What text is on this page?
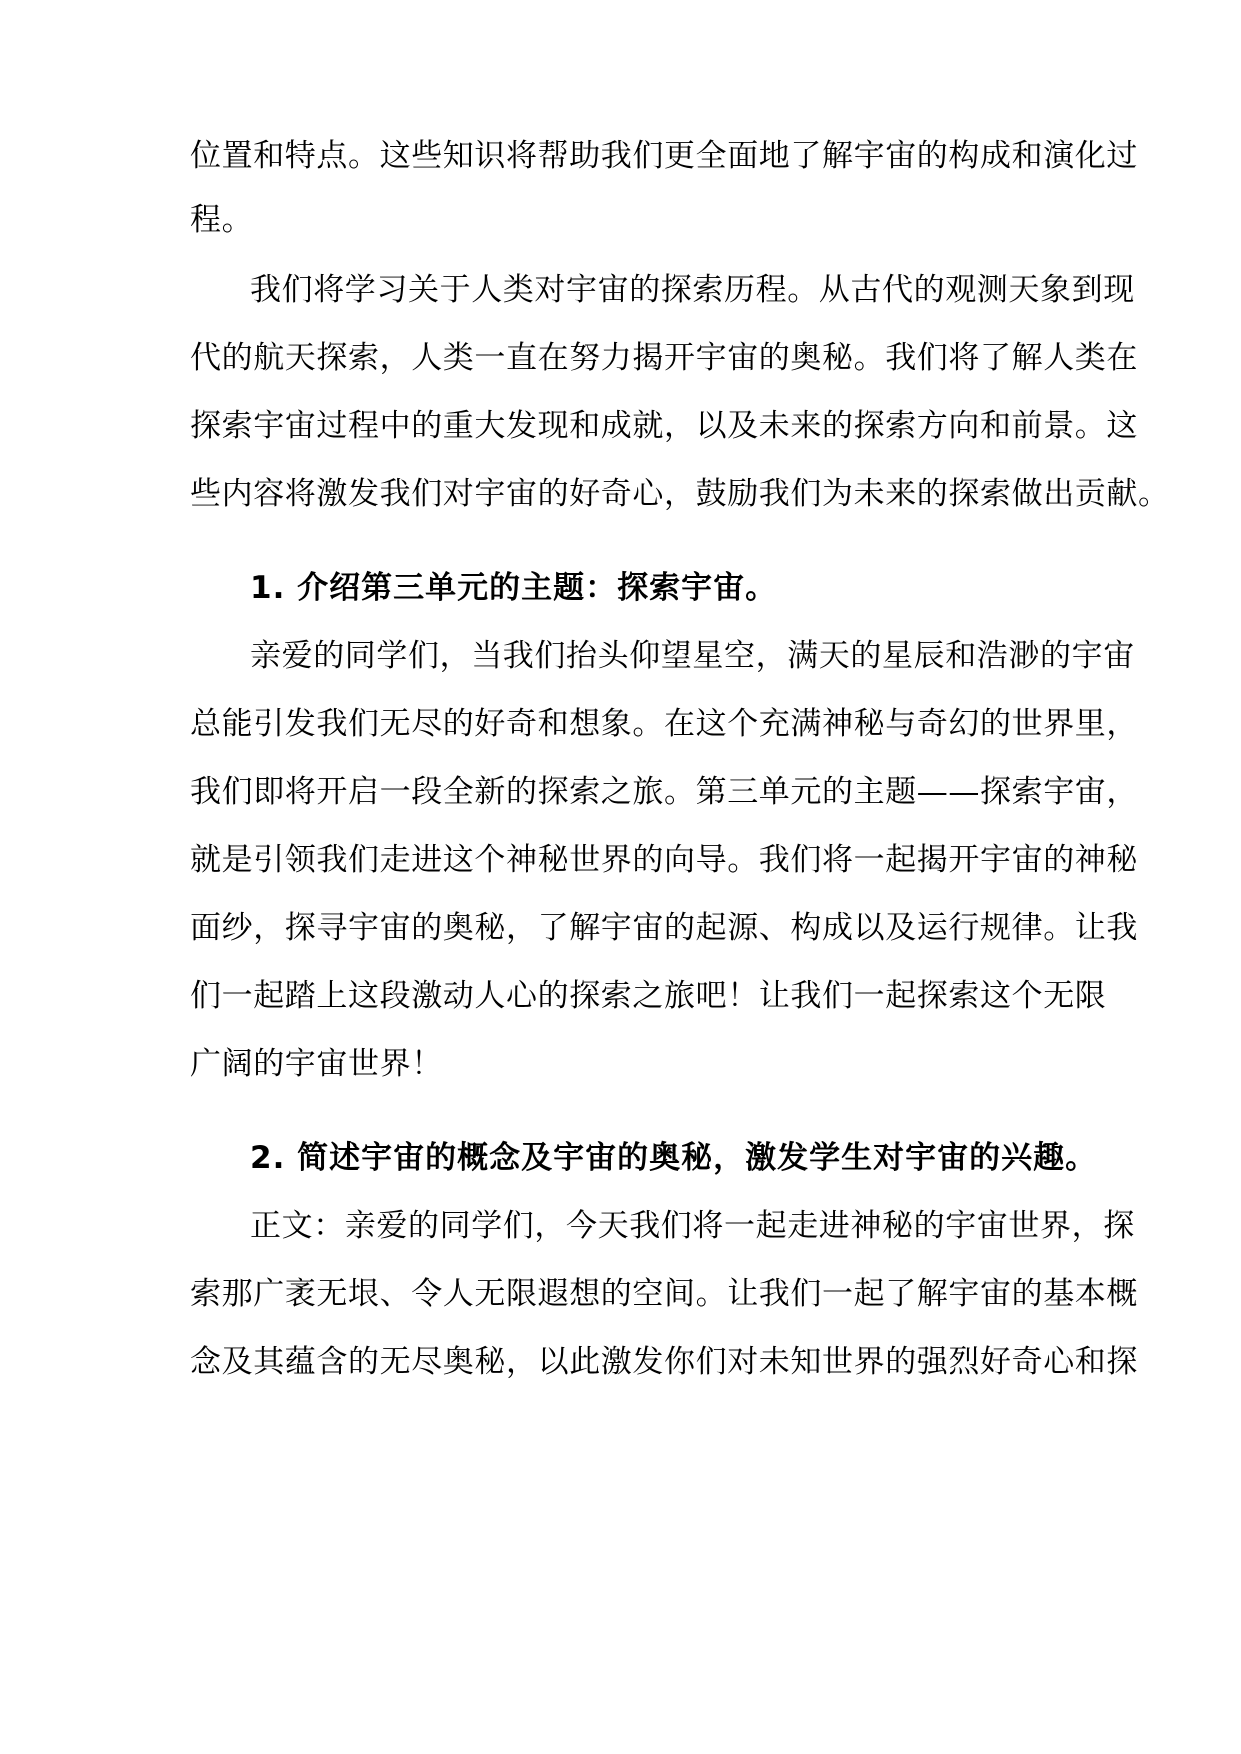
位置和特点。这些知识将帮助我们更全面地了解宇宙的构成和演化过
程。
我们将学习关于人类对宇宙的探索历程。从古代的观测天象到现
代的航天探索，人类一直在努力揭开宇宙的奥秘。我们将了解人类在
探索宇宙过程中的重大发现和成就，以及未来的探索方向和前景。这
些内容将激发我们对宇宙的好奇心，鼓励我们为未来的探索做出贡献。
1. 介绍第三单元的主题：探索宇宙。
亲爱的同学们，当我们抬头仰望星空，满天的星辰和浩渺的宇宙
总能引发我们无尽的好奇和想象。在这个充满神秘与奇幻的世界里，
我们即将开启一段全新的探索之旅。第三单元的主题——探索宇宙，
就是引领我们走进这个神秘世界的向导。我们将一起揭开宇宙的神秘
面纱，探寻宇宙的奥秘，了解宇宙的起源、构成以及运行规律。让我
们一起踏上这段激动人心的探索之旅吧！让我们一起探索这个无限
广阔的宇宙世界！
2. 简述宇宙的概念及宇宙的奥秘，激发学生对宇宙的兴趣。
正文：亲爱的同学们，今天我们将一起走进神秘的宇宙世界，探
索那广袤无垠、令人无限遐想的空间。让我们一起了解宇宙的基本概
念及其蕴含的无尽奥秘，以此激发你们对未知世界的强烈好奇心和探
